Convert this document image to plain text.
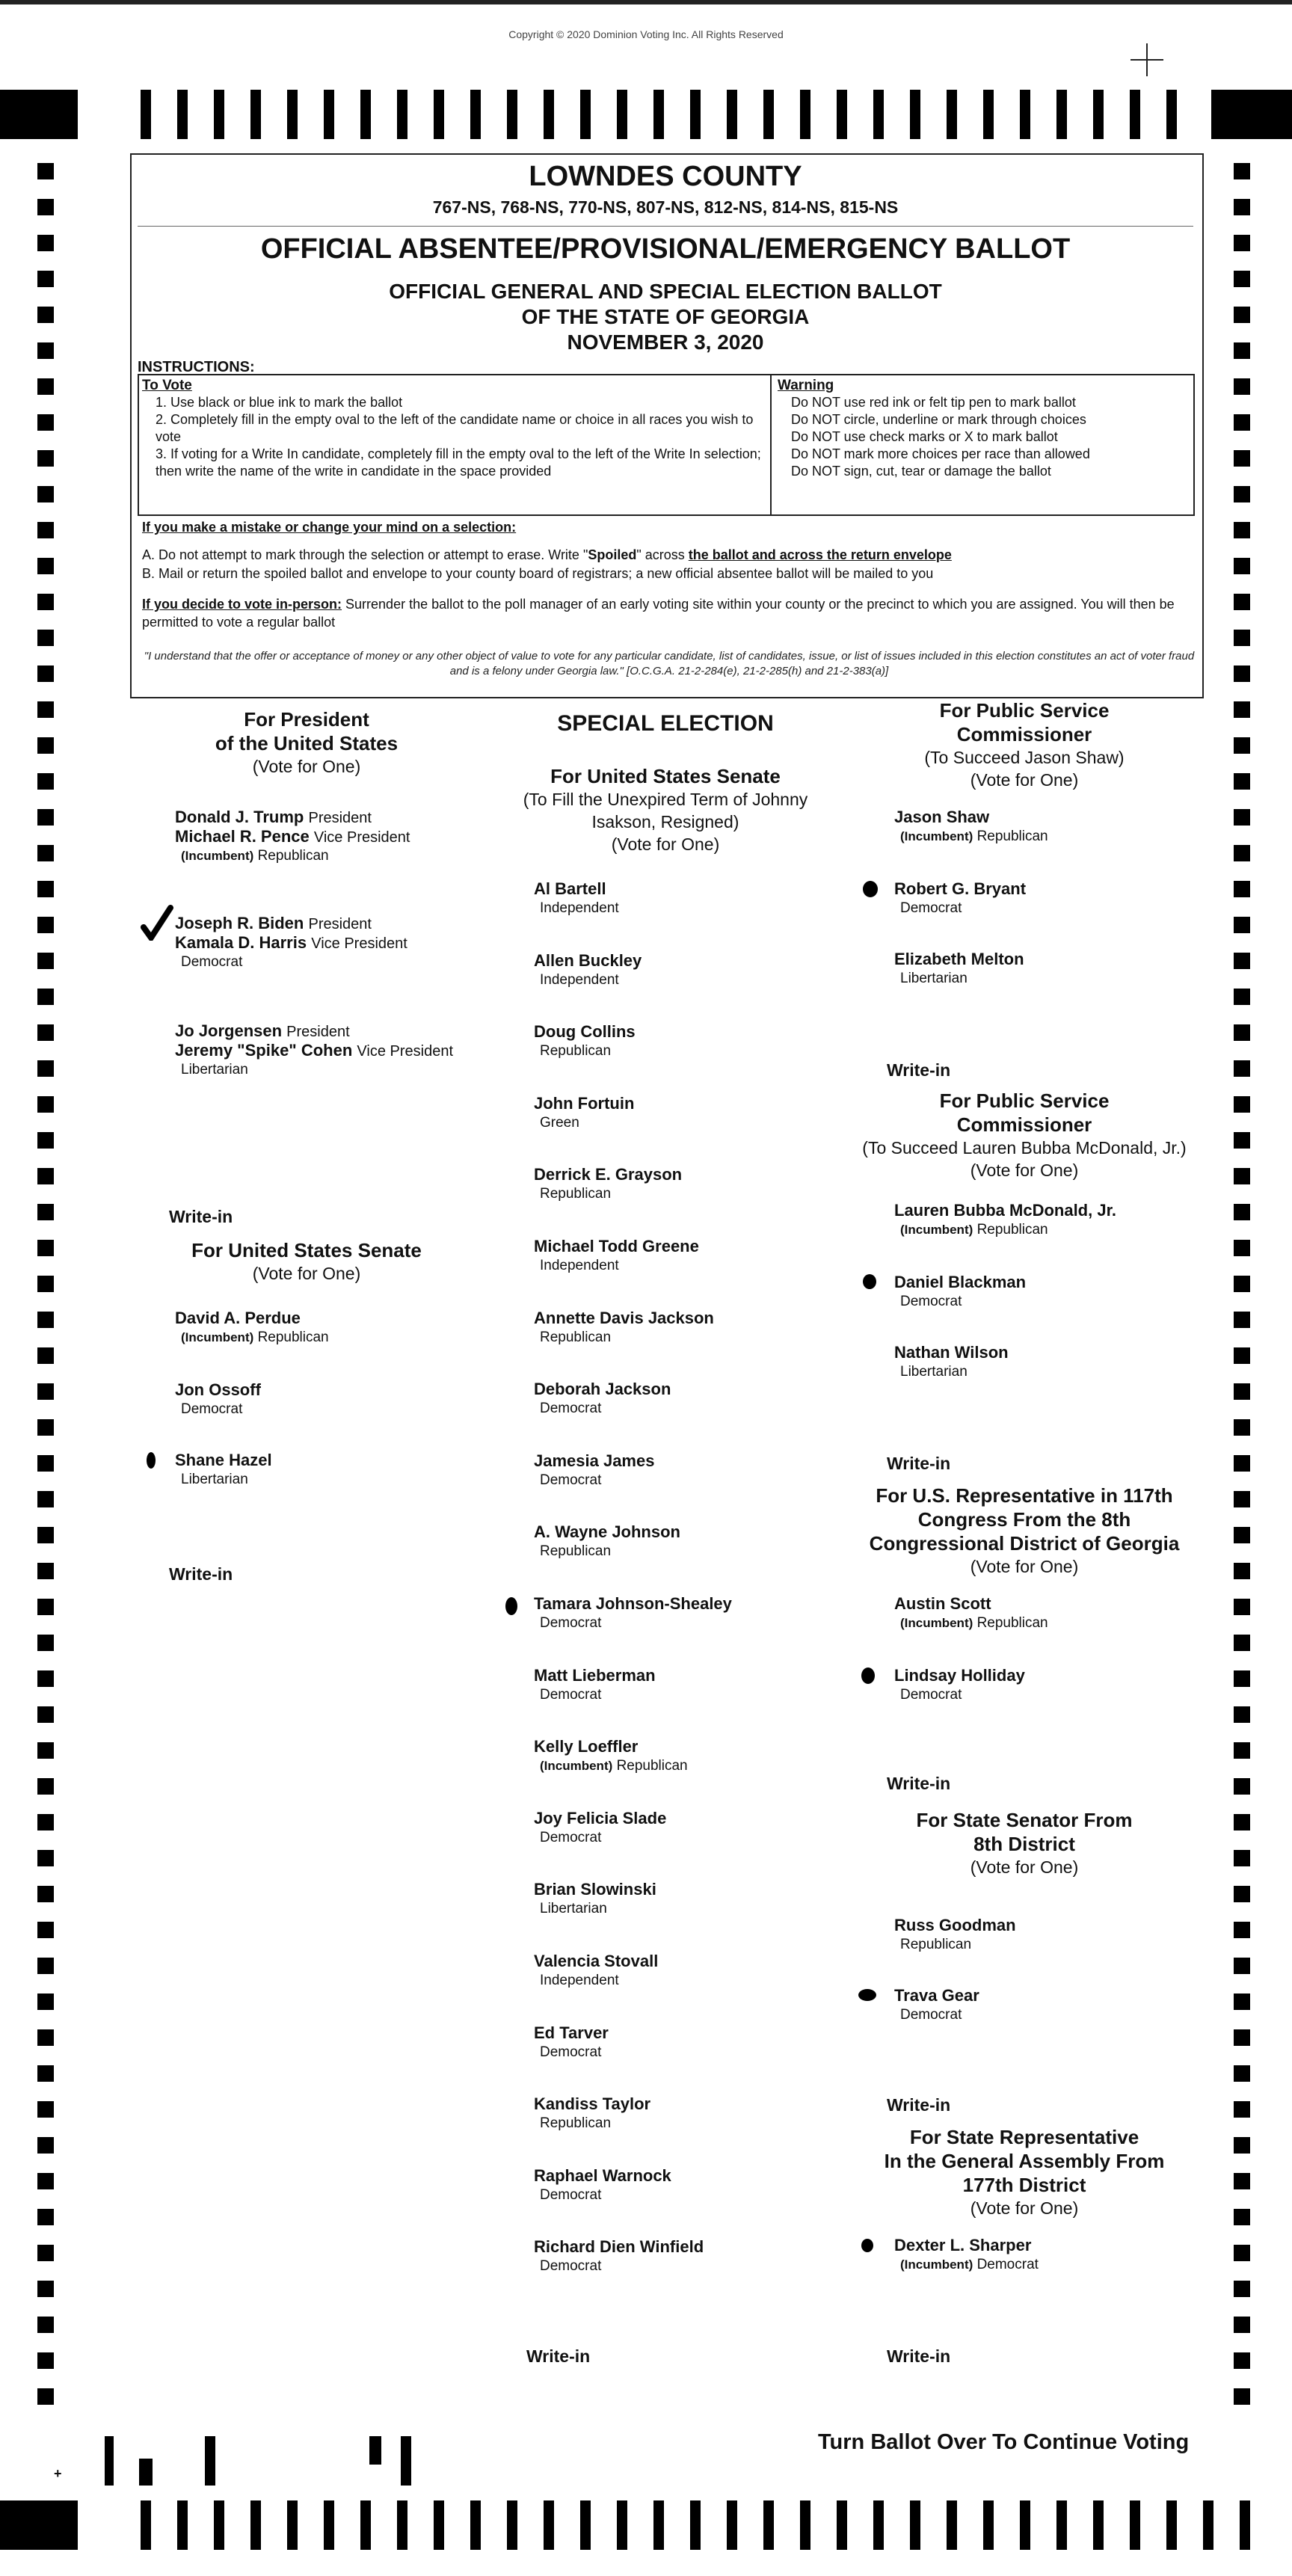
Copyright © 2020 Dominion Voting Inc. All Rights Reserved
LOWNDES COUNTY
767-NS, 768-NS, 770-NS, 807-NS, 812-NS, 814-NS, 815-NS
OFFICIAL ABSENTEE/PROVISIONAL/EMERGENCY BALLOT
OFFICIAL GENERAL AND SPECIAL ELECTION BALLOT
OF THE STATE OF GEORGIA
NOVEMBER 3, 2020
INSTRUCTIONS:
To Vote
1. Use black or blue ink to mark the ballot
2. Completely fill in the empty oval to the left of the candidate name or choice in all races you wish to vote
3. If voting for a Write In candidate, completely fill in the empty oval to the left of the Write In selection; then write the name of the write in candidate in the space provided
Warning
Do NOT use red ink or felt tip pen to mark ballot
Do NOT circle, underline or mark through choices
Do NOT use check marks or X to mark ballot
Do NOT mark more choices per race than allowed
Do NOT sign, cut, tear or damage the ballot
If you make a mistake or change your mind on a selection:
A. Do not attempt to mark through the selection or attempt to erase. Write "Spoiled" across the ballot and across the return envelope
B. Mail or return the spoiled ballot and envelope to your county board of registrars; a new official absentee ballot will be mailed to you
If you decide to vote in-person: Surrender the ballot to the poll manager of an early voting site within your county or the precinct to which you are assigned. You will then be permitted to vote a regular ballot
"I understand that the offer or acceptance of money or any other object of value to vote for any particular candidate, list of candidates, issue, or list of issues included in this election constitutes an act of voter fraud and is a felony under Georgia law." [O.C.G.A. 21-2-284(e), 21-2-285(h) and 21-2-383(a)]
For President
of the United States
(Vote for One)
Donald J. Trump President
Michael R. Pence Vice President
(Incumbent) Republican
Joseph R. Biden President
Kamala D. Harris Vice President
Democrat
Jo Jorgensen President
Jeremy "Spike" Cohen Vice President
Libertarian
Write-in
For United States Senate
(Vote for One)
David A. Perdue
(Incumbent) Republican
Jon Ossoff
Democrat
Shane Hazel
Libertarian
Write-in
SPECIAL ELECTION
For United States Senate
(To Fill the Unexpired Term of Johnny
Isakson, Resigned)
(Vote for One)
Al Bartell
Independent
Allen Buckley
Independent
Doug Collins
Republican
John Fortuin
Green
Derrick E. Grayson
Republican
Michael Todd Greene
Independent
Annette Davis Jackson
Republican
Deborah Jackson
Democrat
Jamesia James
Democrat
A. Wayne Johnson
Republican
Tamara Johnson-Shealey
Democrat
Matt Lieberman
Democrat
Kelly Loeffler
(Incumbent) Republican
Joy Felicia Slade
Democrat
Brian Slowinski
Libertarian
Valencia Stovall
Independent
Ed Tarver
Democrat
Kandiss Taylor
Republican
Raphael Warnock
Democrat
Richard Dien Winfield
Democrat
Write-in
For Public Service
Commissioner
(To Succeed Jason Shaw)
(Vote for One)
Jason Shaw
(Incumbent) Republican
Robert G. Bryant
Democrat
Elizabeth Melton
Libertarian
Write-in
For Public Service
Commissioner
(To Succeed Lauren Bubba McDonald, Jr.)
(Vote for One)
Lauren Bubba McDonald, Jr.
(Incumbent) Republican
Daniel Blackman
Democrat
Nathan Wilson
Libertarian
Write-in
For U.S. Representative in 117th
Congress From the 8th
Congressional District of Georgia
(Vote for One)
Austin Scott
(Incumbent) Republican
Lindsay Holliday
Democrat
Write-in
For State Senator From
8th District
(Vote for One)
Russ Goodman
Republican
Trava Gear
Democrat
Write-in
For State Representative
In the General Assembly From
177th District
(Vote for One)
Dexter L. Sharper
(Incumbent) Democrat
Write-in
+
Turn Ballot Over To Continue Voting
